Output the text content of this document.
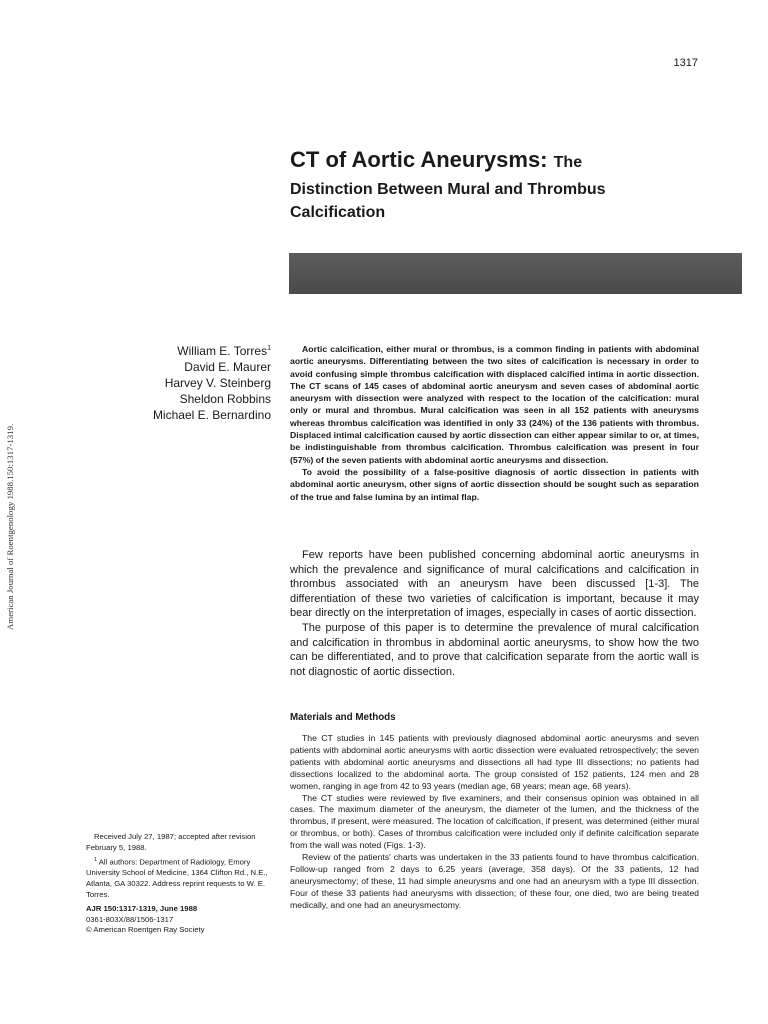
1317
American Journal of Roentgenology 1988.150:1317-1319.
CT of Aortic Aneurysms: The
Distinction Between Mural and Thrombus
Calcification
William E. Torres$^1$
David E. Maurer
Harvey V. Steinberg
Sheldon Robbins
Michael E. Bernardino

Aortic calcification, either mural or thrombus, is a common finding in patients with abdominal aortic aneurysms. Differentiating between the two sites of calcification is necessary in order to avoid confusing simple thrombus calcification with displaced calcified intima in aortic dissection. The CT scans of 145 cases of abdominal aortic aneurysm and seven cases of abdominal aortic aneurysm with dissection were analyzed with respect to the location of the calcification: mural only or mural and thrombus. Mural calcification was seen in all 152 patients with aneurysms whereas thrombus calcification was identified in only 33 (24%) of the 136 patients with thrombus. Displaced intimal calcification caused by aortic dissection can either appear similar to or, at times, be indistinguishable from thrombus calcification. Thrombus calcification was present in four (57%) of the seven patients with abdominal aortic aneurysms and dissection.

To avoid the possibility of a false-positive diagnosis of aortic dissection in patients with abdominal aortic aneurysm, other signs of aortic dissection should be sought such as separation of the true and false lumina by an intimal flap.

Few reports have been published concerning abdominal aortic aneurysms in which the prevalence and significance of mural calcifications and calcification in thrombus associated with an aneurysm have been discussed [1-3]. The differentiation of these two varieties of calcification is important, because it may bear directly on the interpretation of images, especially in cases of aortic dissection.

The purpose of this paper is to determine the prevalence of mural calcification and calcification in thrombus in abdominal aortic aneurysms, to show how the two can be differentiated, and to prove that calcification separate from the aortic wall is not diagnostic of aortic dissection.

Materials and Methods

The CT studies in 145 patients with previously diagnosed abdominal aortic aneurysms and seven patients with abdominal aortic aneurysms with aortic dissection were evaluated retrospectively; the seven patients with abdominal aortic aneurysms and dissections all had type III dissections; no patients had dissections localized to the abdominal aorta. The group consisted of 152 patients, 124 men and 28 women, ranging in age from 42 to 93 years (median age, 68 years; mean age, 68 years).

The CT studies were reviewed by five examiners, and their consensus opinion was obtained in all cases. The maximum diameter of the aneurysm, the diameter of the lumen, and the thickness of the thrombus, if present, were measured. The location of calcification, if present, was determined (either mural or thrombus, or both). Cases of thrombus calcification were included only if definite calcification separate from the wall was noted (Figs. 1-3).

Review of the patients' charts was undertaken in the 33 patients found to have thrombus calcification. Follow-up ranged from 2 days to 6.25 years (average, 358 days). Of the 33 patients, 12 had aneurysmectomy; of these, 11 had simple aneurysms and one had an aneurysm with a type III dissection. Four of these 33 patients had aneurysms with dissection; of these four, one died, two are being treated medically, and one had an aneurysmectomy.

Received July 27, 1987; accepted after revision February 5, 1988.

$^1$ All authors: Department of Radiology, Emory University School of Medicine, 1364 Clifton Rd., N.E., Atlanta, GA 30322. Address reprint requests to W. E. Torres.

AJR 150:1317-1319, June 1988
0361-803X/88/1506-1317
© American Roentgen Ray Society
